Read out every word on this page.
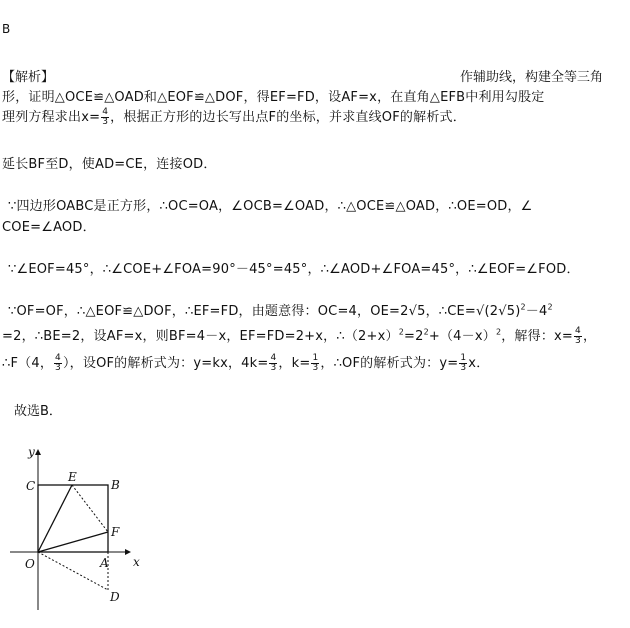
B
【解析】	作辅助线，构建全等三角
形，证明△OCE≌△OAD和△EOF≌△DOF，得EF=FD，设AF=x，在直角△EFB中利用勾股定
理列方程求出$x= \frac{4}{3}$ ，根据正方形的边长写出点F的坐标，并求直线OF的解析式．
延长BF至D，使AD=CE，连接OD．
∵四边形OABC是正方形，∴OC=OA，∠OCB=∠OAD，∴△OCE≌△OAD，∴OE=OD，∠
COE=∠AOD．
∵∠EOF=45°，∴∠COE+∠FOA=90°－45°=45°，∴∠AOD+∠FOA=45°，∴∠EOF=∠FOD．
∵OF=OF，∴△EOF≌△DOF，∴EF=FD，由题意得：OC=4，OE=2√5，$\therefore CE=√(2√5)^2-4^2$
=2，∴BE=2，设AF=x，则BF=4－x，EF=FD=2+x，$\therefore(2+x)^2=2^2+(4-x)^2$，解得：$x= \frac{4}{3}$ ，
∴F（4， $\frac{4}{3}$ ），设OF的解析式为：y=kx，$4k= \frac{4}{3}$ ，$k= \frac{1}{3}$ ，∴OF的解析式为：$y= \frac{1}{3}$ x．
故选B．
y
x
C
E
B
F
O	A
D
